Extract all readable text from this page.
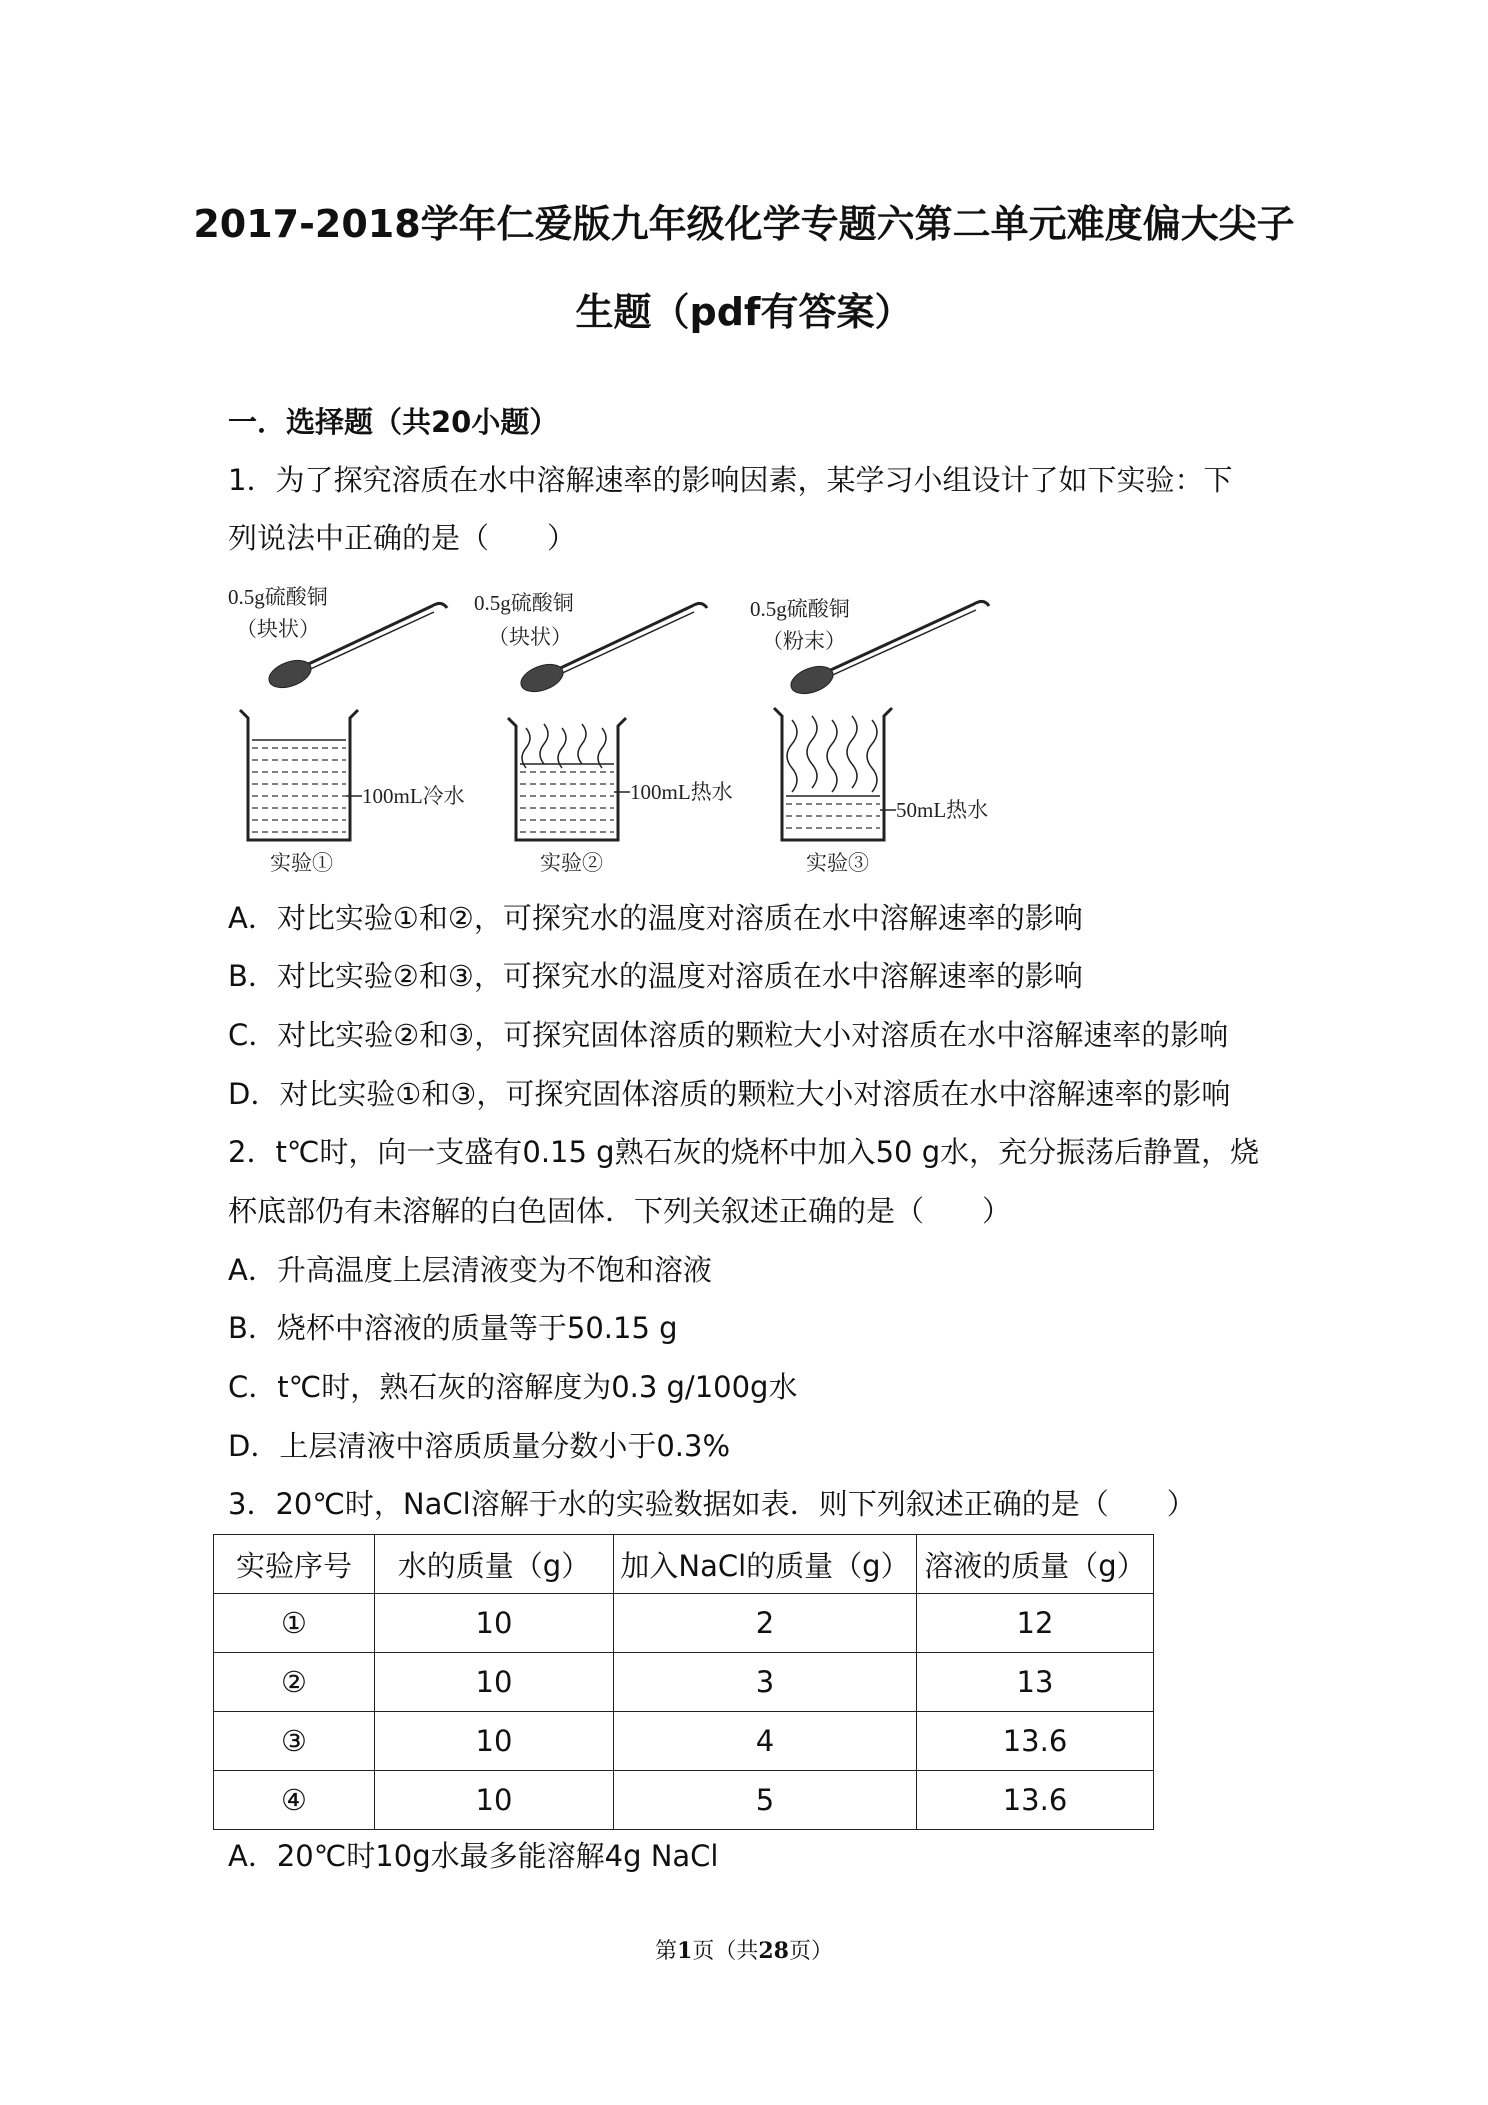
2017-2018学年仁爱版九年级化学专题六第二单元难度偏大尖子
生题（pdf有答案）
一．选择题（共20小题）
1．为了探究溶质在水中溶解速率的影响因素，某学习小组设计了如下实验：下
列说法中正确的是（　　）
0.5g硫酸铜
（块状）
100mL冷水
实验①
0.5g硫酸铜
（块状）
100mL热水
实验②
0.5g硫酸铜
（粉末）
50mL热水
实验③
A．对比实验①和②，可探究水的温度对溶质在水中溶解速率的影响
B．对比实验②和③，可探究水的温度对溶质在水中溶解速率的影响
C．对比实验②和③，可探究固体溶质的颗粒大小对溶质在水中溶解速率的影响
D．对比实验①和③，可探究固体溶质的颗粒大小对溶质在水中溶解速率的影响
2．t℃时，向一支盛有0.15 g熟石灰的烧杯中加入50 g水，充分振荡后静置，烧
杯底部仍有未溶解的白色固体．下列关叙述正确的是（　　）
A．升高温度上层清液变为不饱和溶液
B．烧杯中溶液的质量等于50.15 g
C．t℃时，熟石灰的溶解度为0.3 g/100g水
D．上层清液中溶质质量分数小于0.3%
3．20℃时，NaCl溶解于水的实验数据如表．则下列叙述正确的是（　　）
实验序号	水的质量（g）	加入NaCl的质量（g）	溶液的质量（g）
①	10	2	12
②	10	3	13
③	10	4	13.6
④	10	5	13.6
A．20℃时10g水最多能溶解4g NaCl
第1页（共28页）
